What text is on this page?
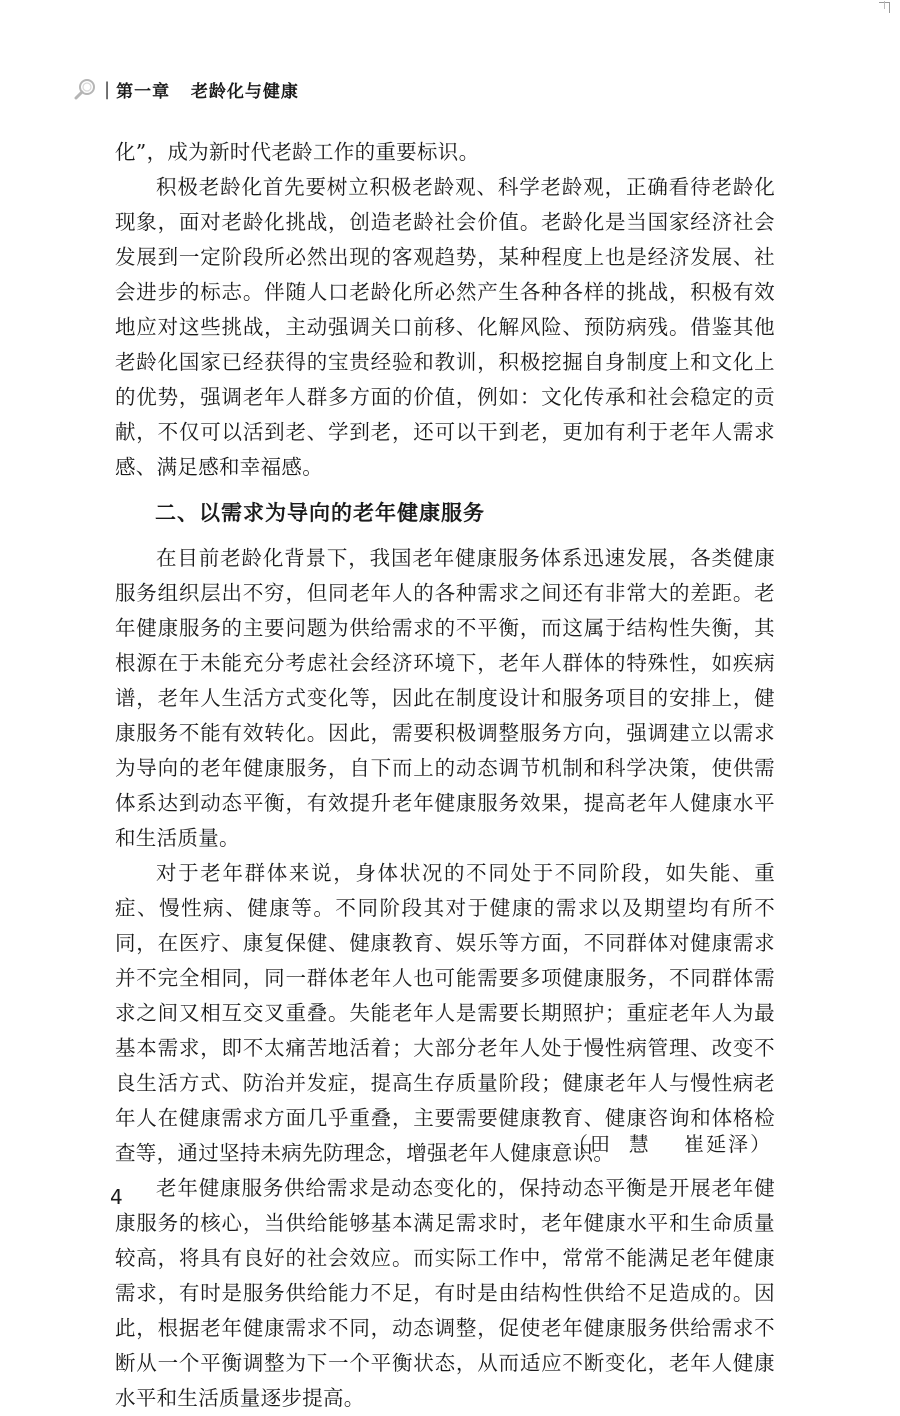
| 第一章   老龄化与健康

化”，成为新时代老龄工作的重要标识。

积极老龄化首先要树立积极老龄观、科学老龄观，正确看待老龄化现象，面对老龄化挑战，创造老龄社会价值。老龄化是当国家经济社会发展到一定阶段所必然出现的客观趋势，某种程度上也是经济发展、社会进步的标志。伴随人口老龄化所必然产生各种各样的挑战，积极有效地应对这些挑战，主动强调关口前移、化解风险、预防病残。借鉴其他老龄化国家已经获得的宝贵经验和教训，积极挖掘自身制度上和文化上的优势，强调老年人群多方面的价值，例如：文化传承和社会稳定的贡献，不仅可以活到老、学到老，还可以干到老，更加有利于老年人需求感、满足感和幸福感。

二、以需求为导向的老年健康服务

在目前老龄化背景下，我国老年健康服务体系迅速发展，各类健康服务组织层出不穷，但同老年人的各种需求之间还有非常大的差距。老年健康服务的主要问题为供给需求的不平衡，而这属于结构性失衡，其根源在于未能充分考虑社会经济环境下，老年人群体的特殊性，如疾病谱，老年人生活方式变化等，因此在制度设计和服务项目的安排上，健康服务不能有效转化。因此，需要积极调整服务方向，强调建立以需求为导向的老年健康服务，自下而上的动态调节机制和科学决策，使供需体系达到动态平衡，有效提升老年健康服务效果，提高老年人健康水平和生活质量。

对于老年群体来说，身体状况的不同处于不同阶段，如失能、重症、慢性病、健康等。不同阶段其对于健康的需求以及期望均有所不同，在医疗、康复保健、健康教育、娱乐等方面，不同群体对健康需求并不完全相同，同一群体老年人也可能需要多项健康服务，不同群体需求之间又相互交叉重叠。失能老年人是需要长期照护；重症老年人为最基本需求，即不太痛苦地活着；大部分老年人处于慢性病管理、改变不良生活方式、防治并发症，提高生存质量阶段；健康老年人与慢性病老年人在健康需求方面几乎重叠，主要需要健康教育、健康咨询和体格检查等，通过坚持未病先防理念，增强老年人健康意识。

老年健康服务供给需求是动态变化的，保持动态平衡是开展老年健康服务的核心，当供给能够基本满足需求时，老年健康水平和生命质量较高，将具有良好的社会效应。而实际工作中，常常不能满足老年健康需求，有时是服务供给能力不足，有时是由结构性供给不足造成的。因此，根据老年健康需求不同，动态调整，促使老年健康服务供给需求不断从一个平衡调整为下一个平衡状态，从而适应不断变化，老年人健康水平和生活质量逐步提高。

（田  慧    崔延泽）
4
